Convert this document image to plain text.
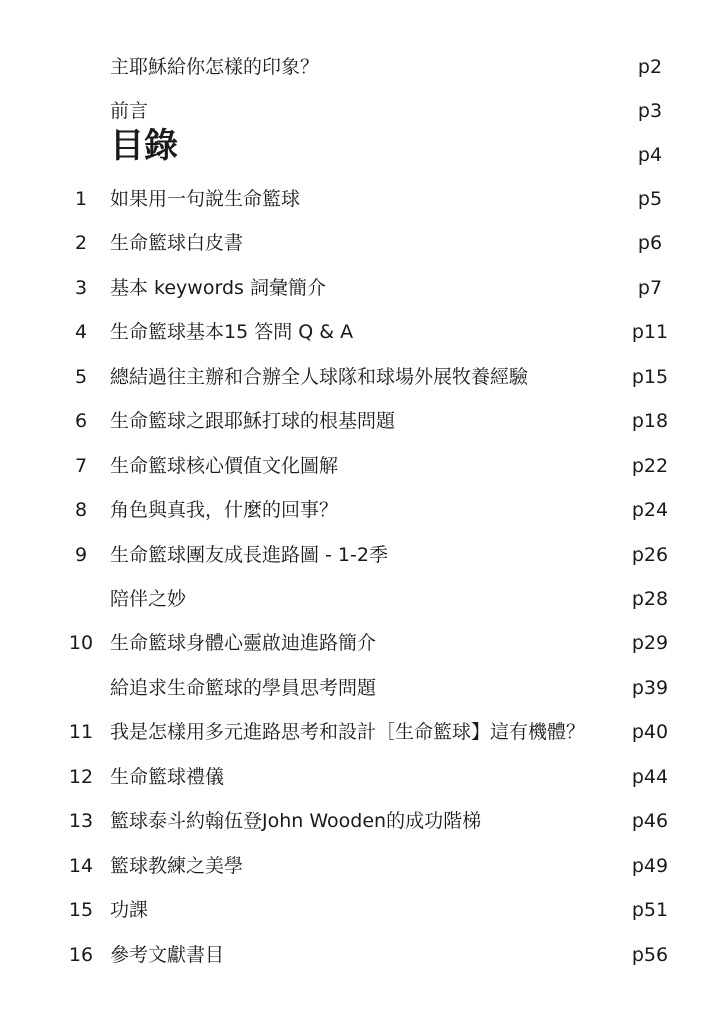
主耶穌給你怎樣的印象？	p2
前言	p3
目錄	p4
1	如果用一句說生命籃球	p5
2	生命籃球白皮書	p6
3	基本 keywords 詞彙簡介	p7
4	生命籃球基本15 答問 Q & A	p11
5	總結過往主辦和合辦全人球隊和球場外展牧養經驗	p15
6	生命籃球之跟耶穌打球的根基問題	p18
7	生命籃球核心價值文化圖解	p22
8	角色與真我，什麼的回事？	p24
9	生命籃球團友成長進路圖 - 1-2季	p26
陪伴之妙	p28
10 生命籃球身體心靈啟迪進路簡介	p29
給追求生命籃球的學員思考問題	p39
11 我是怎樣用多元進路思考和設計［生命籃球】這有機體？ p40
12 生命籃球禮儀	p44
13 籃球泰斗約翰伍登John Wooden的成功階梯	p46
14 籃球教練之美學	p49
15 功課	p51
16 參考文獻書目	p56
